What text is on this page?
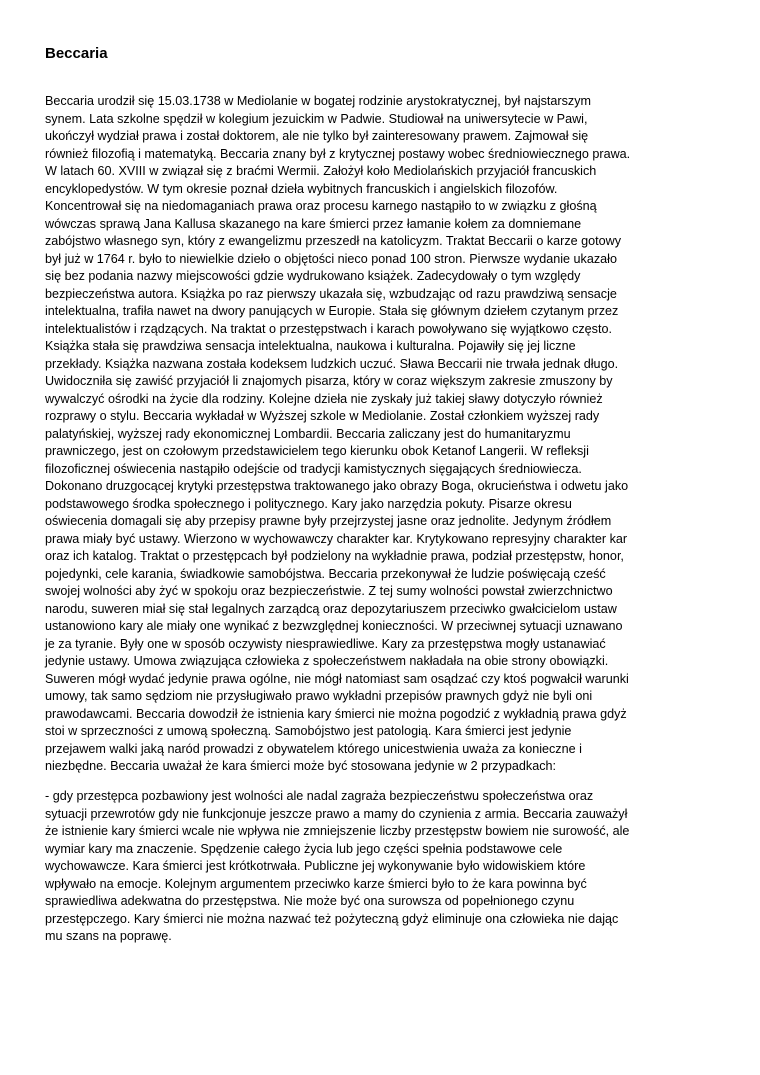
Beccaria

Beccaria urodził się 15.03.1738 w Mediolanie w bogatej rodzinie arystokratycznej, był najstarszym
synem. Lata szkolne spędził w kolegium jezuickim w Padwie. Studiował na uniwersytecie w Pawi,
ukończył wydział prawa i został doktorem, ale nie tylko był zainteresowany prawem. Zajmował się
również filozofią i matematyką. Beccaria znany był z krytycznej postawy wobec średniowiecznego prawa.
W latach 60. XVIII w związał się z braćmi Wermii. Założył koło Mediolańskich przyjaciół francuskich
encyklopedystów. W tym okresie poznał dzieła wybitnych francuskich i angielskich filozofów.
Koncentrował się na niedomaganiach prawa oraz procesu karnego nastąpiło to w związku z głośną
wówczas sprawą Jana Kallusa skazanego na kare śmierci przez łamanie kołem za domniemane
zabójstwo własnego syn, który z ewangelizmu przeszedł na katolicyzm. Traktat Beccarii o karze gotowy
był już w 1764 r. było to niewielkie dzieło o objętości nieco ponad 100 stron. Pierwsze wydanie ukazało
się bez podania nazwy miejscowości gdzie wydrukowano książek. Zadecydowały o tym względy
bezpieczeństwa autora. Książka po raz pierwszy ukazała się, wzbudzając od razu prawdziwą sensacje
intelektualna, trafiła nawet na dwory panujących w Europie. Stała się głównym dziełem czytanym przez
intelektualistów i rządzących. Na traktat o przestępstwach i karach powoływano się wyjątkowo często.
Książka stała się prawdziwa sensacja intelektualna, naukowa i kulturalna. Pojawiły się jej liczne
przekłady. Książka nazwana została kodeksem ludzkich uczuć. Sława Beccarii nie trwała jednak długo.
Uwidoczniła się zawiść przyjaciół li znajomych pisarza, który w coraz większym zakresie zmuszony by
wywalczyć ośrodki na życie dla rodziny. Kolejne dzieła nie zyskały już takiej sławy dotyczyło również
rozprawy o stylu. Beccaria wykładał w Wyższej szkole w Mediolanie. Został członkiem wyższej rady
palatyńskiej, wyższej rady ekonomicznej Lombardii. Beccaria zaliczany jest do humanitaryzmu
prawniczego, jest on czołowym przedstawicielem tego kierunku obok Ketanof Langerii. W refleksji
filozoficznej oświecenia nastąpiło odejście od tradycji kamistycznych sięgających średniowiecza.
Dokonano druzgocącej krytyki przestępstwa traktowanego jako obrazy Boga, okrucieństwa i odwetu jako
podstawowego środka społecznego i politycznego. Kary jako narzędzia pokuty. Pisarze okresu
oświecenia domagali się aby przepisy prawne były przejrzystej jasne oraz jednolite. Jedynym źródłem
prawa miały być ustawy. Wierzono w wychowawczy charakter kar. Krytykowano represyjny charakter kar
oraz ich katalog. Traktat o przestępcach był podzielony na wykładnie prawa, podział przestępstw, honor,
pojedynki, cele karania, świadkowie samobójstwa. Beccaria przekonywał że ludzie poświęcają cześć
swojej wolności aby żyć w spokoju oraz bezpieczeństwie. Z tej sumy wolności powstał zwierzchnictwo
narodu, suweren miał się stał legalnych zarządcą oraz depozytariuszem przeciwko gwałcicielom ustaw
ustanowiono kary ale miały one wynikać z bezwzględnej konieczności. W przeciwnej sytuacji uznawano
je za tyranie. Były one w sposób oczywisty niesprawiedliwe. Kary za przestępstwa mogły ustanawiać
jedynie ustawy. Umowa związująca człowieka z społeczeństwem nakładała na obie strony obowiązki.
Suweren mógł wydać jedynie prawa ogólne, nie mógł natomiast sam osądzać czy ktoś pogwałcił warunki
umowy, tak samo sędziom nie przysługiwało prawo wykładni przepisów prawnych gdyż nie byli oni
prawodawcami. Beccaria dowodził że istnienia kary śmierci nie można pogodzić z wykładnią prawa gdyż
stoi w sprzeczności z umową społeczną. Samobójstwo jest patologią. Kara śmierci jest jedynie
przejawem walki jaką naród prowadzi z obywatelem którego unicestwienia uważa za konieczne i
niezbędne. Beccaria uważał że kara śmierci może być stosowana jedynie w 2 przypadkach:

- gdy przestępca pozbawiony jest wolności ale nadal zagraża bezpieczeństwu społeczeństwa oraz
sytuacji przewrotów gdy nie funkcjonuje jeszcze prawo a mamy do czynienia z armia. Beccaria zauważył
że istnienie kary śmierci wcale nie wpływa nie zmniejszenie liczby przestępstw bowiem nie surowość, ale
wymiar kary ma znaczenie. Spędzenie całego życia lub jego części spełnia podstawowe cele
wychowawcze. Kara śmierci jest krótkotrwała. Publiczne jej wykonywanie było widowiskiem które
wpływało na emocje. Kolejnym argumentem przeciwko karze śmierci było to że kara powinna być
sprawiedliwa adekwatna do przestępstwa. Nie może być ona surowsza od popełnionego czynu
przestępczego. Kary śmierci nie można nazwać też pożyteczną gdyż eliminuje ona człowieka nie dając
mu szans na poprawę.
